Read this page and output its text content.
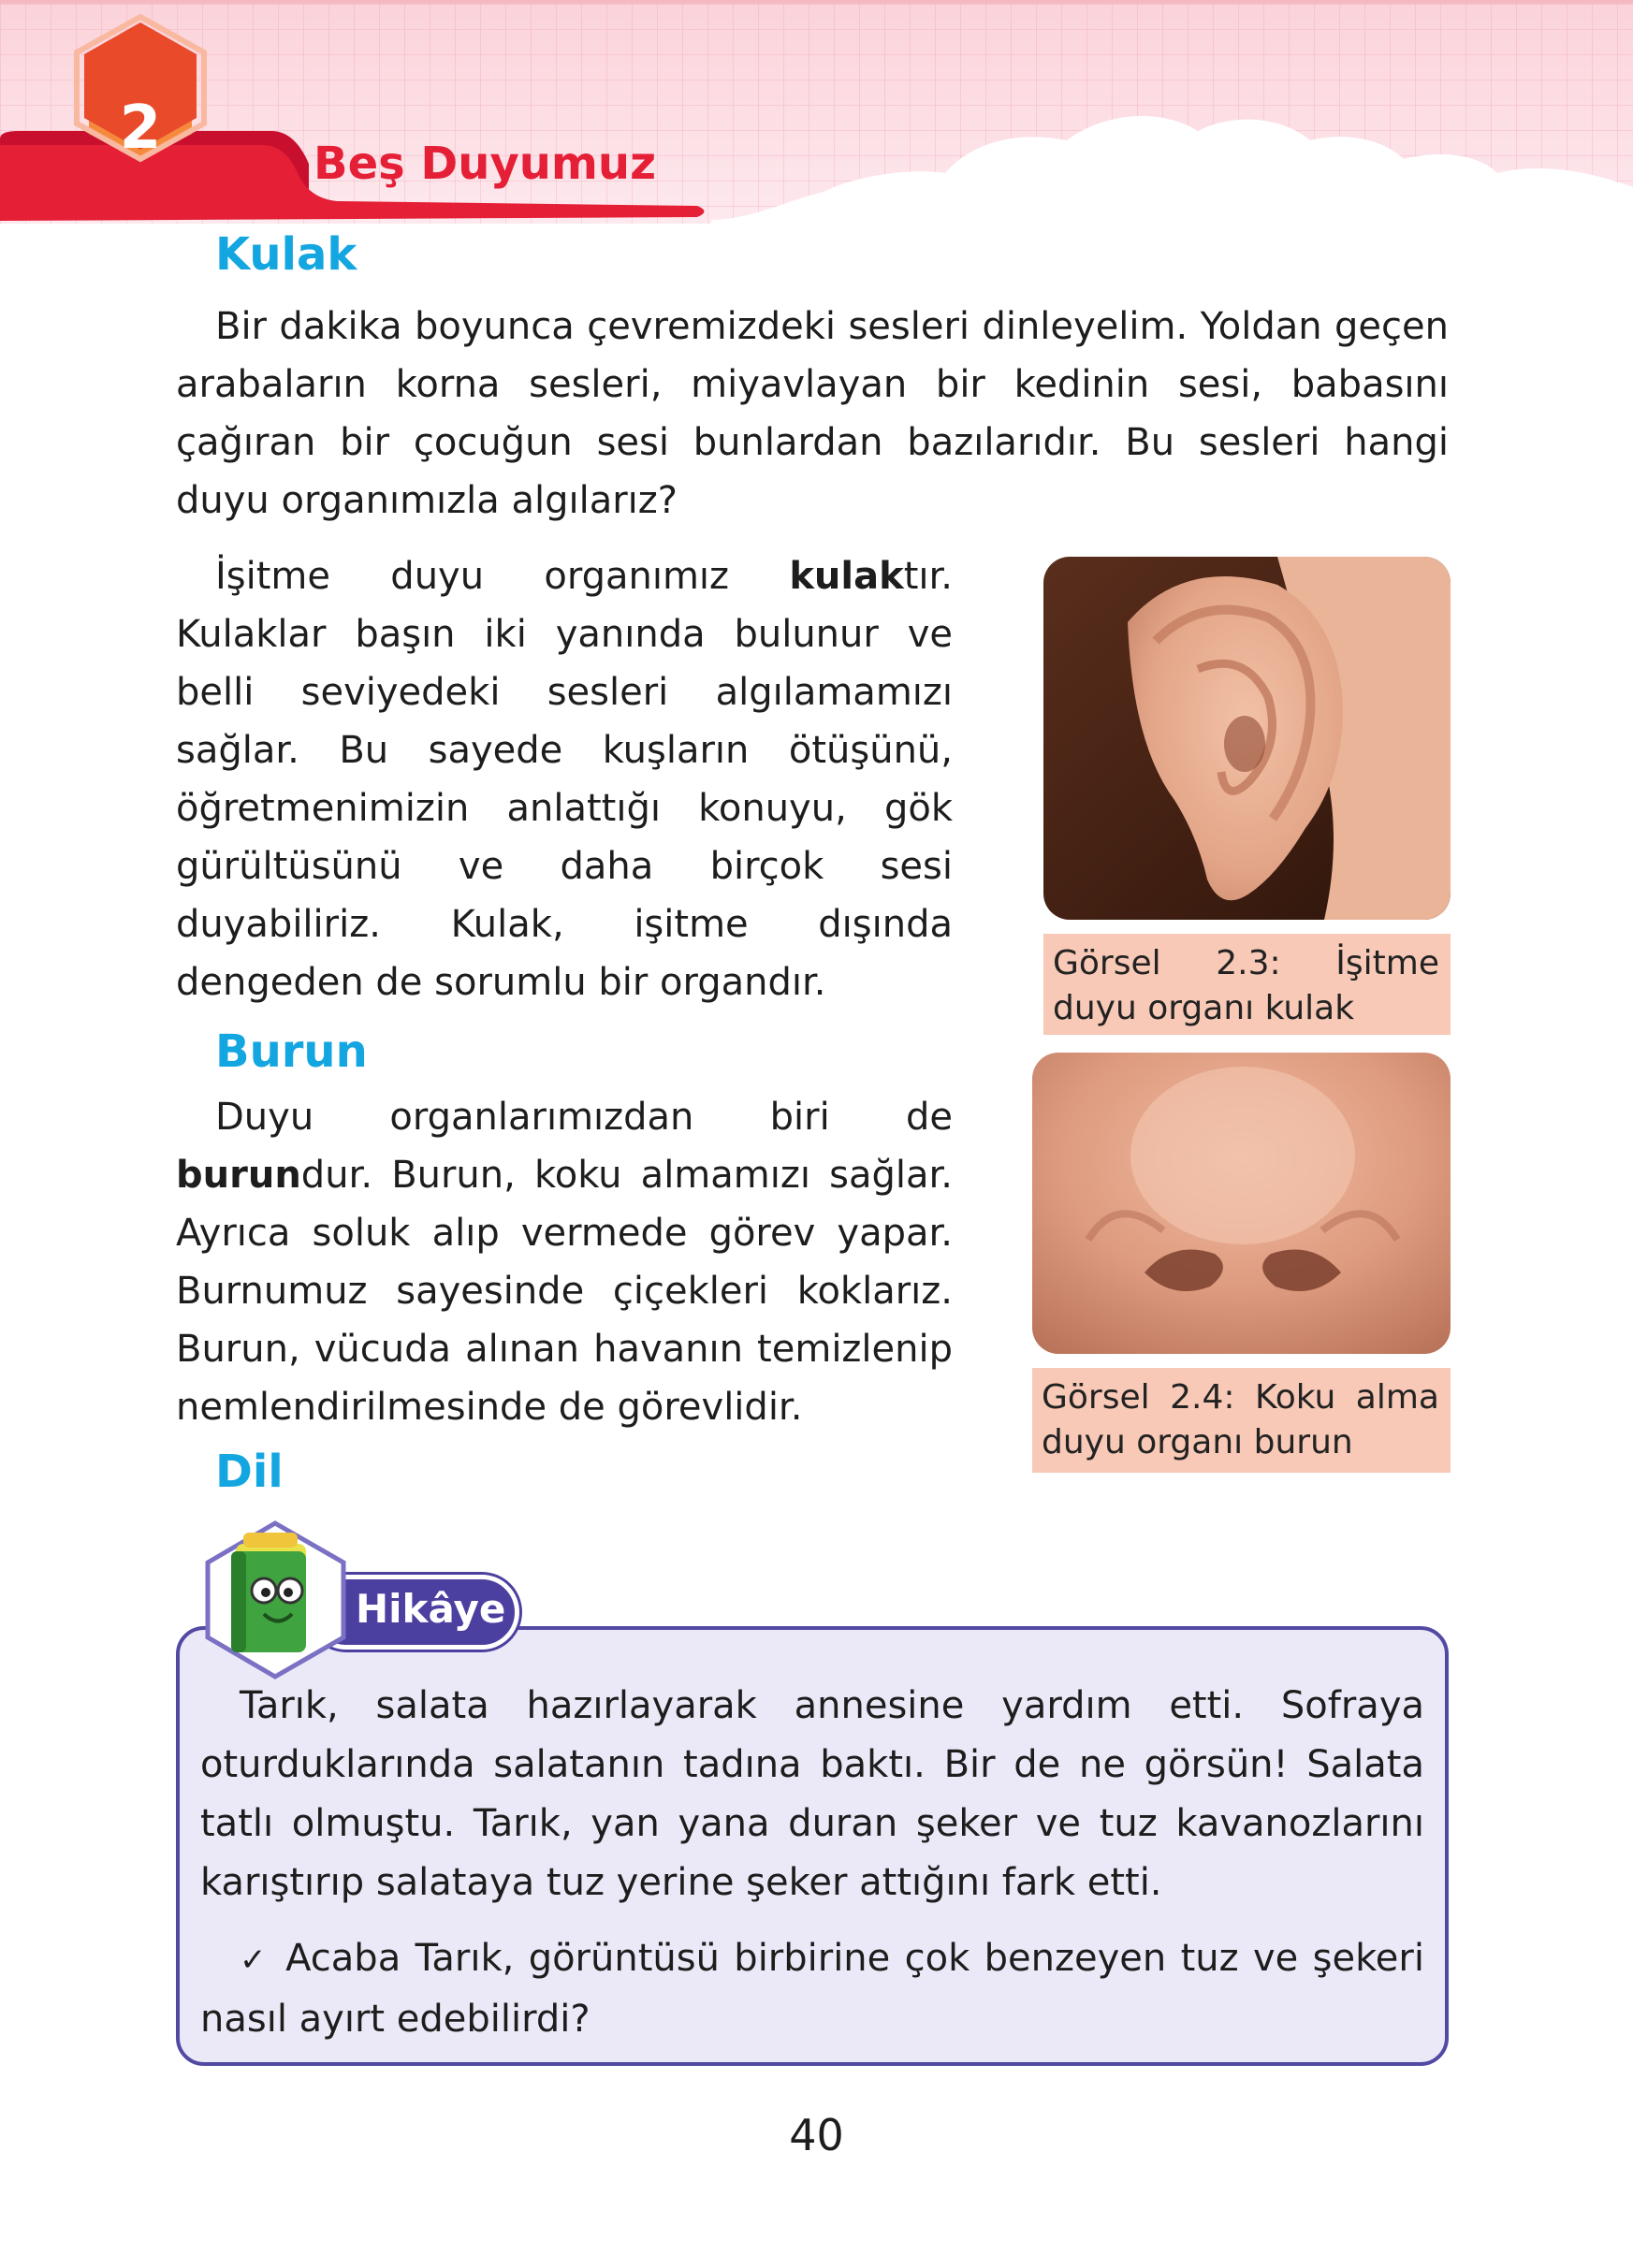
2
Beş Duyumuz
Kulak

Bir dakika boyunca çevremizdeki sesleri dinleyelim. Yoldan geçen arabaların korna sesleri, miyavlayan bir kedinin sesi, babasını çağıran bir çocuğun sesi bunlardan bazılarıdır. Bu sesleri hangi duyu organımızla algılarız?

İşitme duyu organımız kulaktır. Kulaklar başın iki yanında bulunur ve belli seviyedeki sesleri algılamamızı sağlar. Bu sayede kuşların ötüşünü, öğretmenimizin anlattığı konuyu, gök gürültüsünü ve daha birçok sesi duyabiliriz. Kulak, işitme dışında dengeden de sorumlu bir organdır.	Görsel 2.3: İşitme duyu organı kulak
Burun

Duyu organlarımızdan biri de burundur. Burun, koku almamızı sağlar. Ayrıca soluk alıp vermede görev yapar. Burnumuz sayesinde çiçekleri koklarız. Burun, vücuda alınan havanın temizlenip nemlendirilmesinde de görevlidir.	Görsel 2.4: Koku alma duyu organı burun
Dil

Tarık, salata hazırlayarak annesine yardım etti. Sofraya oturduklarında salatanın tadına baktı. Bir de ne görsün! Salata tatlı olmuştu. Tarık, yan yana duran şeker ve tuz kavanozlarını karıştırıp salataya tuz yerine şeker attığını fark etti.

✓ Acaba Tarık, görüntüsü birbirine çok benzeyen tuz ve şekeri nasıl ayırt edebilirdi?

Hikâye
40
